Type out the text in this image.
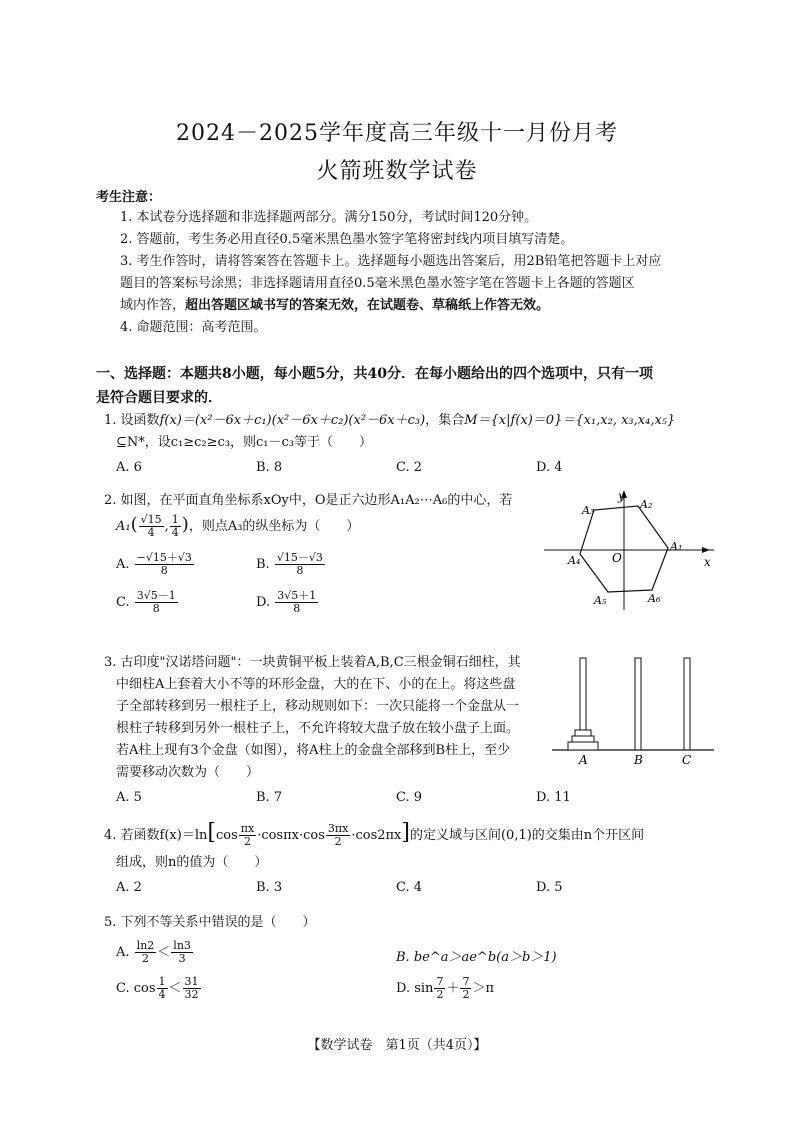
2024－2025学年度高三年级十一月份月考
火箭班数学试卷
考生注意：
1. 本试卷分选择题和非选择题两部分。满分150分，考试时间120分钟。
2. 答题前，考生务必用直径0.5毫米黑色墨水签字笔将密封线内项目填写清楚。
3. 考生作答时，请将答案答在答题卡上。选择题每小题选出答案后，用2B铅笔把答题卡上对应
题目的答案标号涂黑；非选择题请用直径0.5毫米黑色墨水签字笔在答题卡上各题的答题区
域内作答，超出答题区域书写的答案无效，在试题卷、草稿纸上作答无效。
4. 命题范围：高考范围。
一、选择题：本题共8小题，每小题5分，共40分．在每小题给出的四个选项中，只有一项
是符合题目要求的．
1. 设函数f(x)＝(x²－6x＋c₁)(x²－6x＋c₂)(x²－6x＋c₃)，集合M＝{x|f(x)＝0}＝{x₁,x₂, x₃,x₄,x₅}
⊆N*，设c₁≥c₂≥c₃，则c₁－c₃等于（　　）
A. 6	B. 8	C. 2	D. 4
2. 如图，在平面直角坐标系xOy中，O是正六边形A₁A₂⋯A₆的中心，若
$A_1( \frac{√15}{4}$ , $\frac{1}{4}$ )，则点A₃的纵坐标为（　　）
A. $\frac{-√15+√3}{8}$	B. $\frac{√15-√3}{8}$
C. $\frac{3√5-1}{8}$	D. $\frac{3√5+1}{8}$
y
x
O
A₁
A₂
A₃
A₄
A₅	A₆
3. 古印度"汉诺塔问题"：一块黄铜平板上装着A,B,C三根金铜石细柱，其
中细柱A上套着大小不等的环形金盘，大的在下、小的在上。将这些盘
子全部转移到另一根柱子上，移动规则如下：一次只能将一个金盘从一
根柱子转移到另外一根柱子上，不允许将较大盘子放在较小盘子上面。
若A柱上现有3个金盘（如图），将A柱上的金盘全部移到B柱上，至少
需要移动次数为（　　）
A. 5	B. 7	C. 9	D. 11
A	B	C
4. 若函数$f(x)=\ln[\cos \frac{\pi x}{2} \cdot\cos\pi x\cdot\cos \frac{3\pi x}{2} \cdot\cos 2\pi x]$的定义域与区间(0,1)的交集由n个开区间
组成，则n的值为（　　）
A. 2	B. 3	C. 4	D. 5
5. 下列不等关系中错误的是（　　）
A. $\frac{\ln 2}{2} < \frac{\ln 3}{3}$	B. be^a＞ae^b(a＞b＞1)
C. $\cos \frac{1}{4} < \frac{31}{32}$	D. $\sin \frac{7}{2} + \frac{7}{2} >\pi$
【数学试卷　第1页（共4页）】
